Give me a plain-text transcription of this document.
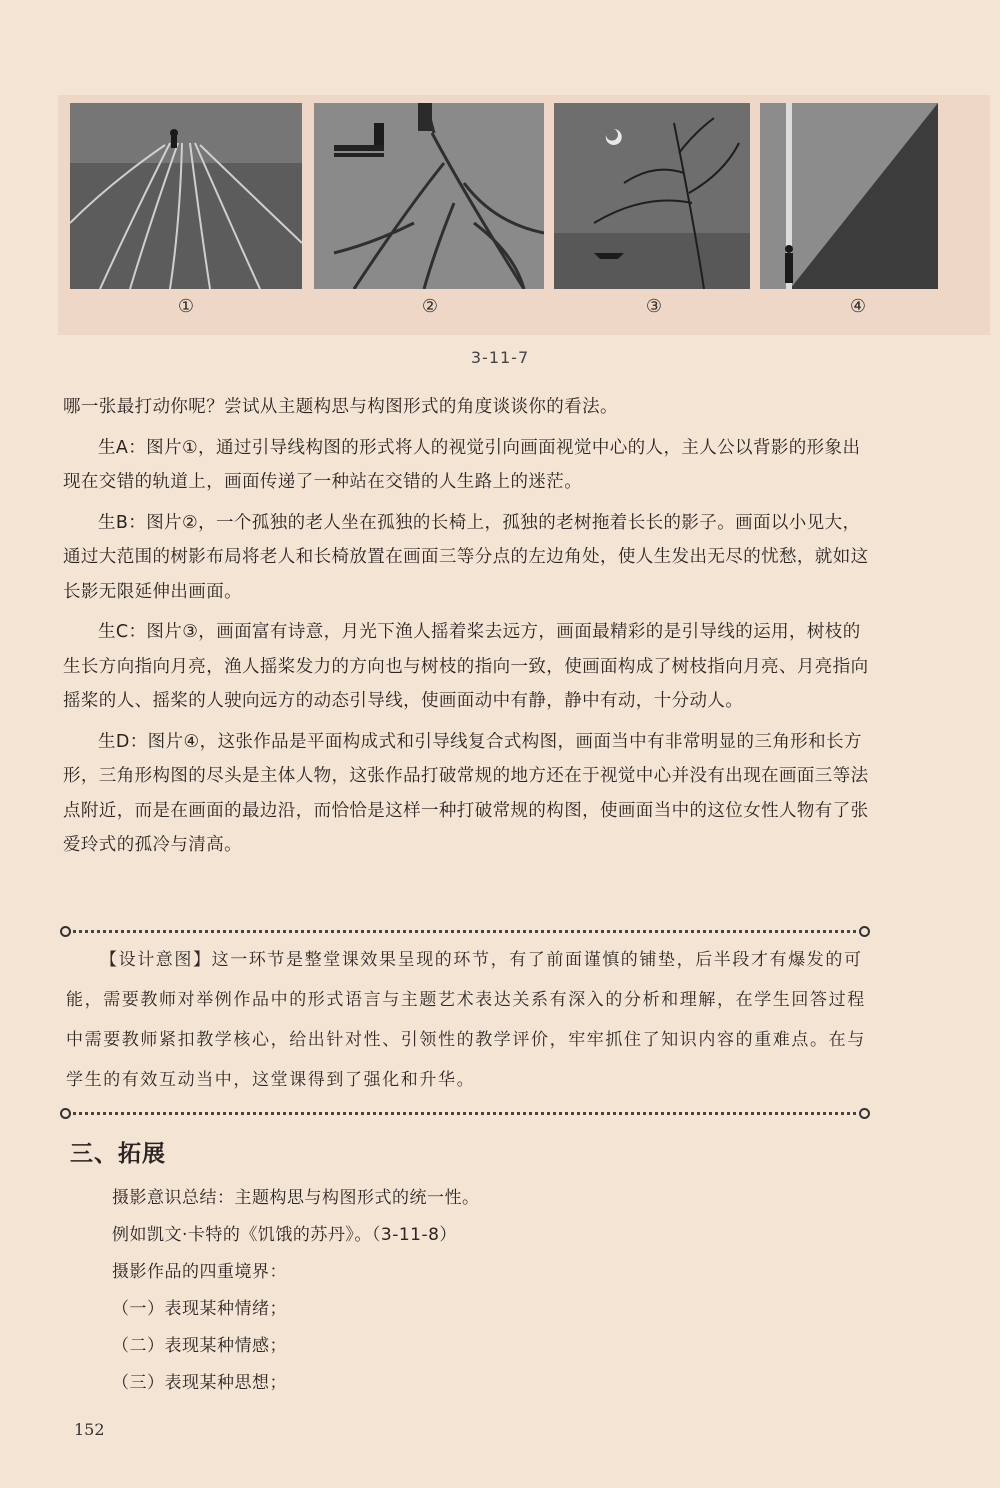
①	②	③	④
3-11-7

哪一张最打动你呢？尝试从主题构思与构图形式的角度谈谈你的看法。

生A：图片①，通过引导线构图的形式将人的视觉引向画面视觉中心的人，主人公以背影的形象出现在交错的轨道上，画面传递了一种站在交错的人生路上的迷茫。

生B：图片②，一个孤独的老人坐在孤独的长椅上，孤独的老树拖着长长的影子。画面以小见大，通过大范围的树影布局将老人和长椅放置在画面三等分点的左边角处，使人生发出无尽的忧愁，就如这长影无限延伸出画面。

生C：图片③，画面富有诗意，月光下渔人摇着桨去远方，画面最精彩的是引导线的运用，树枝的生长方向指向月亮，渔人摇桨发力的方向也与树枝的指向一致，使画面构成了树枝指向月亮、月亮指向摇桨的人、摇桨的人驶向远方的动态引导线，使画面动中有静，静中有动，十分动人。

生D：图片④，这张作品是平面构成式和引导线复合式构图，画面当中有非常明显的三角形和长方形，三角形构图的尽头是主体人物，这张作品打破常规的地方还在于视觉中心并没有出现在画面三等法点附近，而是在画面的最边沿，而恰恰是这样一种打破常规的构图，使画面当中的这位女性人物有了张爱玲式的孤冷与清高。

【设计意图】这一环节是整堂课效果呈现的环节，有了前面谨慎的铺垫，后半段才有爆发的可能，需要教师对举例作品中的形式语言与主题艺术表达关系有深入的分析和理解，在学生回答过程中需要教师紧扣教学核心，给出针对性、引领性的教学评价，牢牢抓住了知识内容的重难点。在与学生的有效互动当中，这堂课得到了强化和升华。
三、拓展
摄影意识总结：主题构思与构图形式的统一性。
例如凯文·卡特的《饥饿的苏丹》。（3-11-8）
摄影作品的四重境界：
（一）表现某种情绪；
（二）表现某种情感；
（三）表现某种思想；
152
